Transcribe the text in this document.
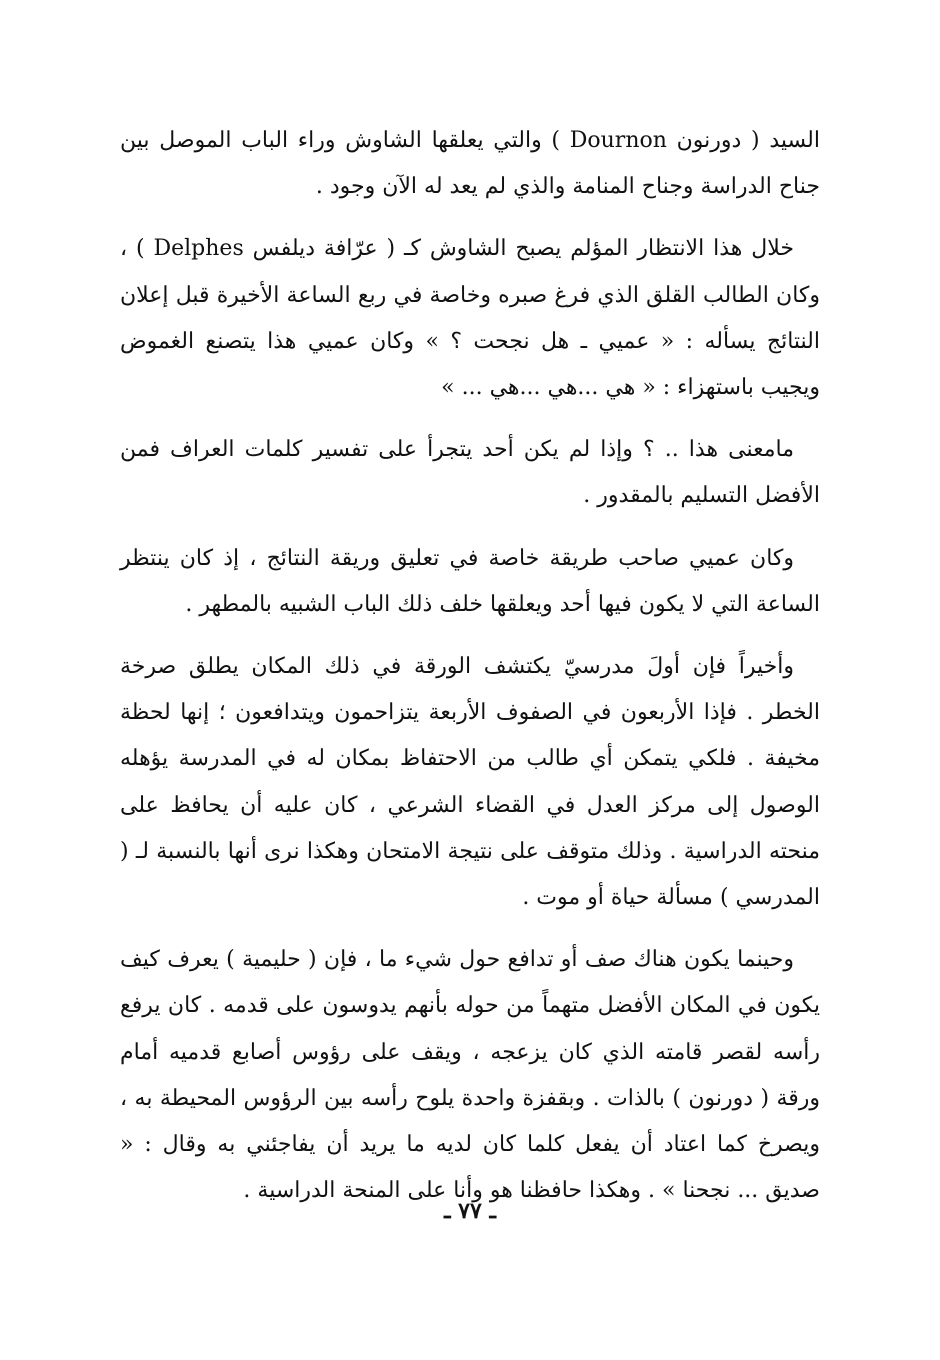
السيد ( دورنون Dournon ) والتي يعلقها الشاوش وراء الباب الموصل بين جناح الدراسة وجناح المنامة والذي لم يعد له الآن وجود .

خلال هذا الانتظار المؤلم يصبح الشاوش كـ ( عرّافة ديلفس Delphes ) ، وكان الطالب القلق الذي فرغ صبره وخاصة في ربع الساعة الأخيرة قبل إعلان النتائج يسأله : « عميي ـ هل نجحت ؟ » وكان عميي هذا يتصنع الغموض ويجيب باستهزاء : « هي ...هي ...هي ... »

مامعنى هذا .. ؟ وإذا لم يكن أحد يتجرأ على تفسير كلمات العراف فمن الأفضل التسليم بالمقدور .

وكان عميي صاحب طريقة خاصة في تعليق وريقة النتائج ، إذ كان ينتظر الساعة التي لا يكون فيها أحد ويعلقها خلف ذلك الباب الشبيه بالمطهر .

وأخيراً فإن أولَ مدرسيّ يكتشف الورقة في ذلك المكان يطلق صرخة الخطر . فإذا الأربعون في الصفوف الأربعة يتزاحمون ويتدافعون ؛ إنها لحظة مخيفة . فلكي يتمكن أي طالب من الاحتفاظ بمكان له في المدرسة يؤهله الوصول إلى مركز العدل في القضاء الشرعي ، كان عليه أن يحافظ على منحته الدراسية . وذلك متوقف على نتيجة الامتحان وهكذا نرى أنها بالنسبة لـ ( المدرسي ) مسألة حياة أو موت .

وحينما يكون هناك صف أو تدافع حول شيء ما ، فإن ( حليمية ) يعرف كيف يكون في المكان الأفضل متهماً من حوله بأنهم يدوسون على قدمه . كان يرفع رأسه لقصر قامته الذي كان يزعجه ، ويقف على رؤوس أصابع قدميه أمام ورقة ( دورنون ) بالذات . وبقفزة واحدة يلوح رأسه بين الرؤوس المحيطة به ، ويصرخ كما اعتاد أن يفعل كلما كان لديه ما يريد أن يفاجئني به وقال : « صديق ... نجحنا » . وهكذا حافظنا هو وأنا على المنحة الدراسية .

ـ ٧٧ ـ
